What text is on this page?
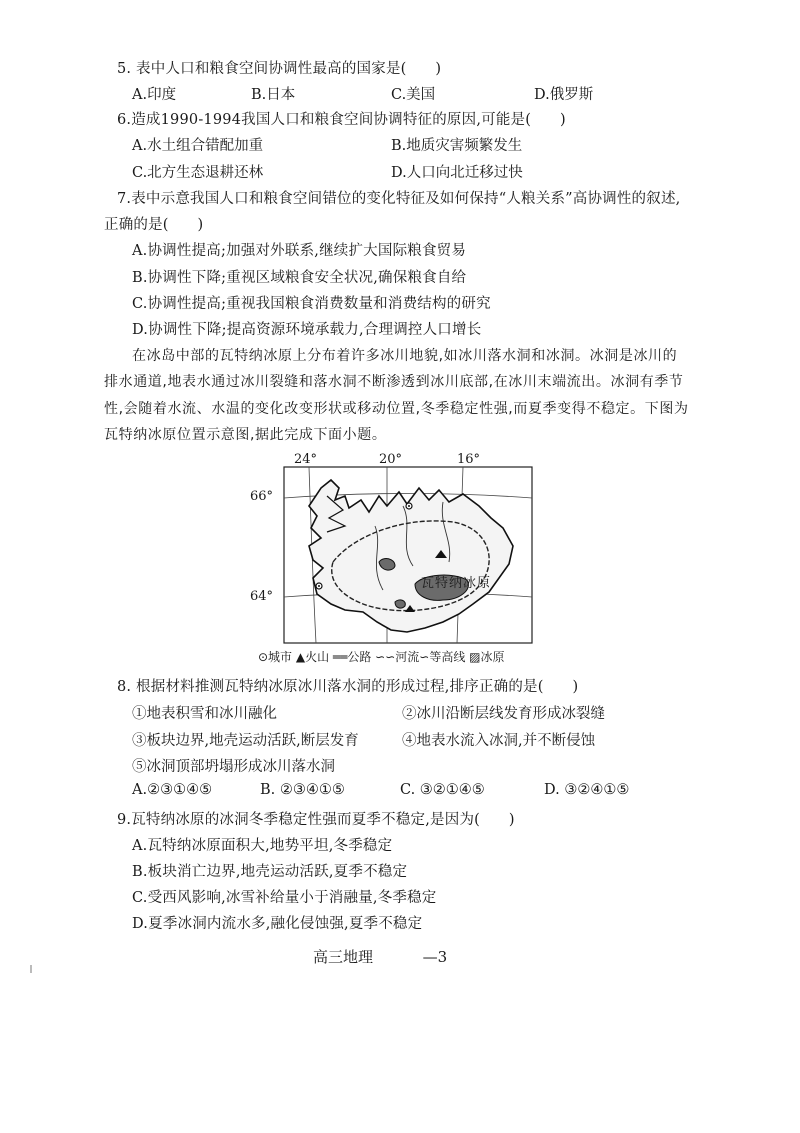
5. 表中人口和粮食空间协调性最高的国家是(      )
A.印度	B.日本	C.美国	D.俄罗斯
6.造成1990-1994我国人口和粮食空间协调特征的原因,可能是(      )
A.水土组合错配加重	B.地质灾害频繁发生
C.北方生态退耕还林	D.人口向北迁移过快
7.表中示意我国人口和粮食空间错位的变化特征及如何保持“人粮关系”高协调性的叙述,
正确的是(      )
A.协调性提高;加强对外联系,继续扩大国际粮食贸易
B.协调性下降;重视区域粮食安全状况,确保粮食自给
C.协调性提高;重视我国粮食消费数量和消费结构的研究
D.协调性下降;提高资源环境承载力,合理调控人口增长
在冰岛中部的瓦特纳冰原上分布着许多冰川地貌,如冰川落水洞和冰洞。冰洞是冰川的
排水通道,地表水通过冰川裂缝和落水洞不断渗透到冰川底部,在冰川末端流出。冰洞有季节
性,会随着水流、水温的变化改变形状或移动位置,冬季稳定性强,而夏季变得不稳定。下图为
瓦特纳冰原位置示意图,据此完成下面小题。
24°	20°	16°
66°
64°
瓦特纳冰原
⊙城市 ▲火山 ══公路 ∽∽河流∽等高线 ▨冰原
8. 根据材料推测瓦特纳冰原冰川落水洞的形成过程,排序正确的是(      )
①地表积雪和冰川融化	②冰川沿断层线发育形成冰裂缝
③板块边界,地壳运动活跃,断层发育	④地表水流入冰洞,并不断侵蚀
⑤冰洞顶部坍塌形成冰川落水洞
A.②③①④⑤	B. ②③④①⑤	C. ③②①④⑤	D. ③②④①⑤
9.瓦特纳冰原的冰洞冬季稳定性强而夏季不稳定,是因为(      )
A.瓦特纳冰原面积大,地势平坦,冬季稳定
B.板块消亡边界,地壳运动活跃,夏季不稳定
C.受西风影响,冰雪补给量小于消融量,冬季稳定
D.夏季冰洞内流水多,融化侵蚀强,夏季不稳定
高三地理	—3
